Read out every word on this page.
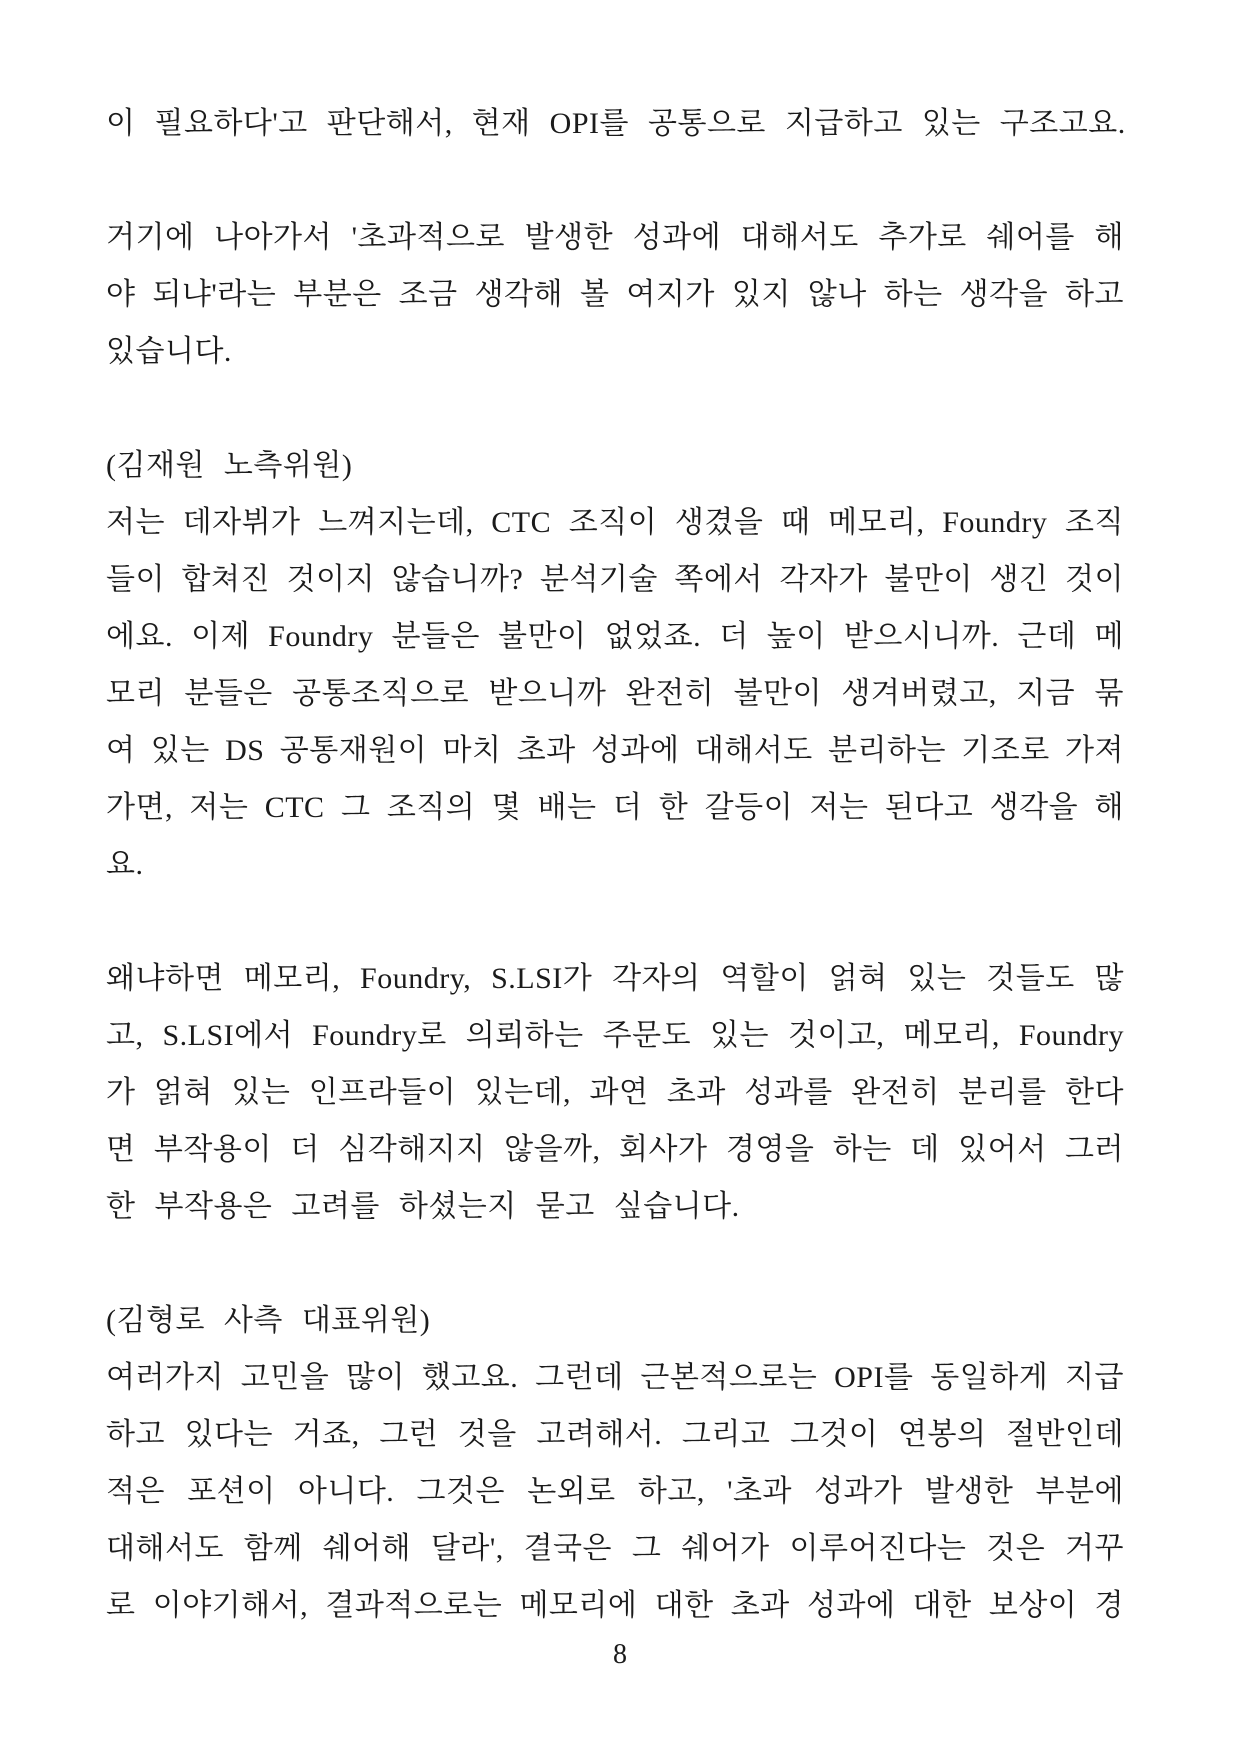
이 필요하다'고 판단해서, 현재 OPI를 공통으로 지급하고 있는 구조고요.
거기에 나아가서 '초과적으로 발생한 성과에 대해서도 추가로 쉐어를 해
야 되냐'라는 부분은 조금 생각해 볼 여지가 있지 않나 하는 생각을 하고
있습니다.
(김재원 노측위원)
저는 데자뷔가 느껴지는데, CTC 조직이 생겼을 때 메모리, Foundry 조직
들이 합쳐진 것이지 않습니까? 분석기술 쪽에서 각자가 불만이 생긴 것이
에요. 이제 Foundry 분들은 불만이 없었죠. 더 높이 받으시니까. 근데 메
모리 분들은 공통조직으로 받으니까 완전히 불만이 생겨버렸고, 지금 묶
여 있는 DS 공통재원이 마치 초과 성과에 대해서도 분리하는 기조로 가져
가면, 저는 CTC 그 조직의 몇 배는 더 한 갈등이 저는 된다고 생각을 해
요.
왜냐하면 메모리, Foundry, S.LSI가 각자의 역할이 얽혀 있는 것들도 많
고, S.LSI에서 Foundry로 의뢰하는 주문도 있는 것이고, 메모리, Foundry
가 얽혀 있는 인프라들이 있는데, 과연 초과 성과를 완전히 분리를 한다
면 부작용이 더 심각해지지 않을까, 회사가 경영을 하는 데 있어서 그러
한 부작용은 고려를 하셨는지 묻고 싶습니다.
(김형로 사측 대표위원)
여러가지 고민을 많이 했고요. 그런데 근본적으로는 OPI를 동일하게 지급
하고 있다는 거죠, 그런 것을 고려해서. 그리고 그것이 연봉의 절반인데
적은 포션이 아니다. 그것은 논외로 하고, '초과 성과가 발생한 부분에
대해서도 함께 쉐어해 달라', 결국은 그 쉐어가 이루어진다는 것은 거꾸
로 이야기해서, 결과적으로는 메모리에 대한 초과 성과에 대한 보상이 경
8
